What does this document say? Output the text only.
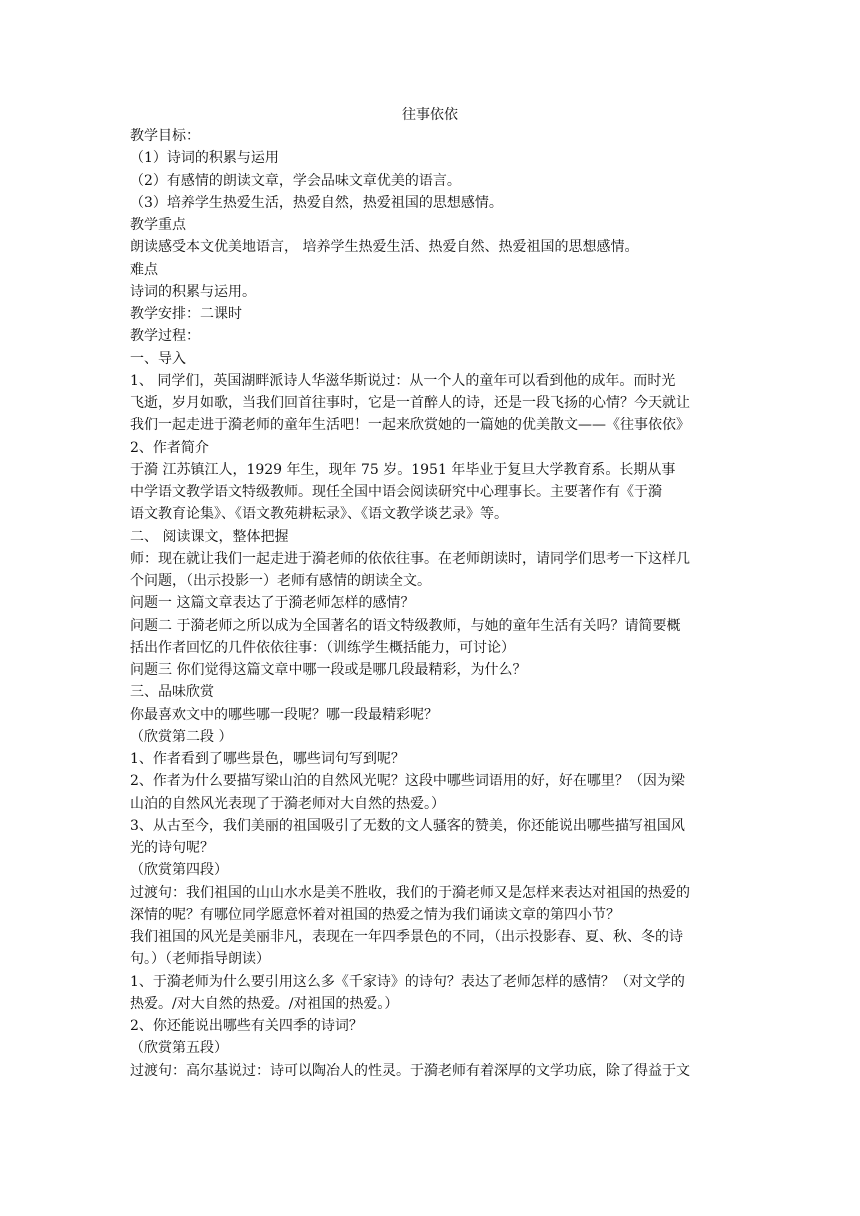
往事依依
教学目标：
（1）诗词的积累与运用
（2）有感情的朗读文章，学会品味文章优美的语言。
（3）培养学生热爱生活，热爱自然，热爱祖国的思想感情。
教学重点
朗读感受本文优美地语言， 培养学生热爱生活、热爱自然、热爱祖国的思想感情。
难点
诗词的积累与运用。
教学安排：二课时
教学过程：
一、导入
1、 同学们，英国湖畔派诗人华滋华斯说过：从一个人的童年可以看到他的成年。而时光
飞逝，岁月如歌，当我们回首往事时，它是一首醉人的诗，还是一段飞扬的心情？今天就让
我们一起走进于漪老师的童年生活吧！一起来欣赏她的一篇她的优美散文——《往事依依》
2、作者简介
于漪 江苏镇江人，1929 年生，现年 75 岁。1951 年毕业于复旦大学教育系。长期从事
中学语文教学语文特级教师。现任全国中语会阅读研究中心理事长。主要著作有《于漪
语文教育论集》、《语文教苑耕耘录》、《语文教学谈艺录》等。
二、 阅读课文，整体把握
师：现在就让我们一起走进于漪老师的依依往事。在老师朗读时，请同学们思考一下这样几
个问题，（出示投影一）老师有感情的朗读全文。
问题一 这篇文章表达了于漪老师怎样的感情？
问题二 于漪老师之所以成为全国著名的语文特级教师，与她的童年生活有关吗？请简要概
括出作者回忆的几件依依往事：（训练学生概括能力，可讨论）
问题三 你们觉得这篇文章中哪一段或是哪几段最精彩，为什么？
三、品味欣赏
你最喜欢文中的哪些哪一段呢？哪一段最精彩呢？
（欣赏第二段 ）
1、作者看到了哪些景色，哪些词句写到呢？
2、作者为什么要描写梁山泊的自然风光呢？这段中哪些词语用的好，好在哪里？（因为梁
山泊的自然风光表现了于漪老师对大自然的热爱。）
3、从古至今，我们美丽的祖国吸引了无数的文人骚客的赞美，你还能说出哪些描写祖国风
光的诗句呢？
（欣赏第四段）
过渡句：我们祖国的山山水水是美不胜收，我们的于漪老师又是怎样来表达对祖国的热爱的
深情的呢？有哪位同学愿意怀着对祖国的热爱之情为我们诵读文章的第四小节？
我们祖国的风光是美丽非凡，表现在一年四季景色的不同，（出示投影春、夏、秋、冬的诗
句。）（老师指导朗读）
1、于漪老师为什么要引用这么多《千家诗》的诗句？表达了老师怎样的感情？（对文学的
热爱。/对大自然的热爱。/对祖国的热爱。）
2、你还能说出哪些有关四季的诗词？
（欣赏第五段）
过渡句：高尔基说过：诗可以陶冶人的性灵。于漪老师有着深厚的文学功底，除了得益于文
